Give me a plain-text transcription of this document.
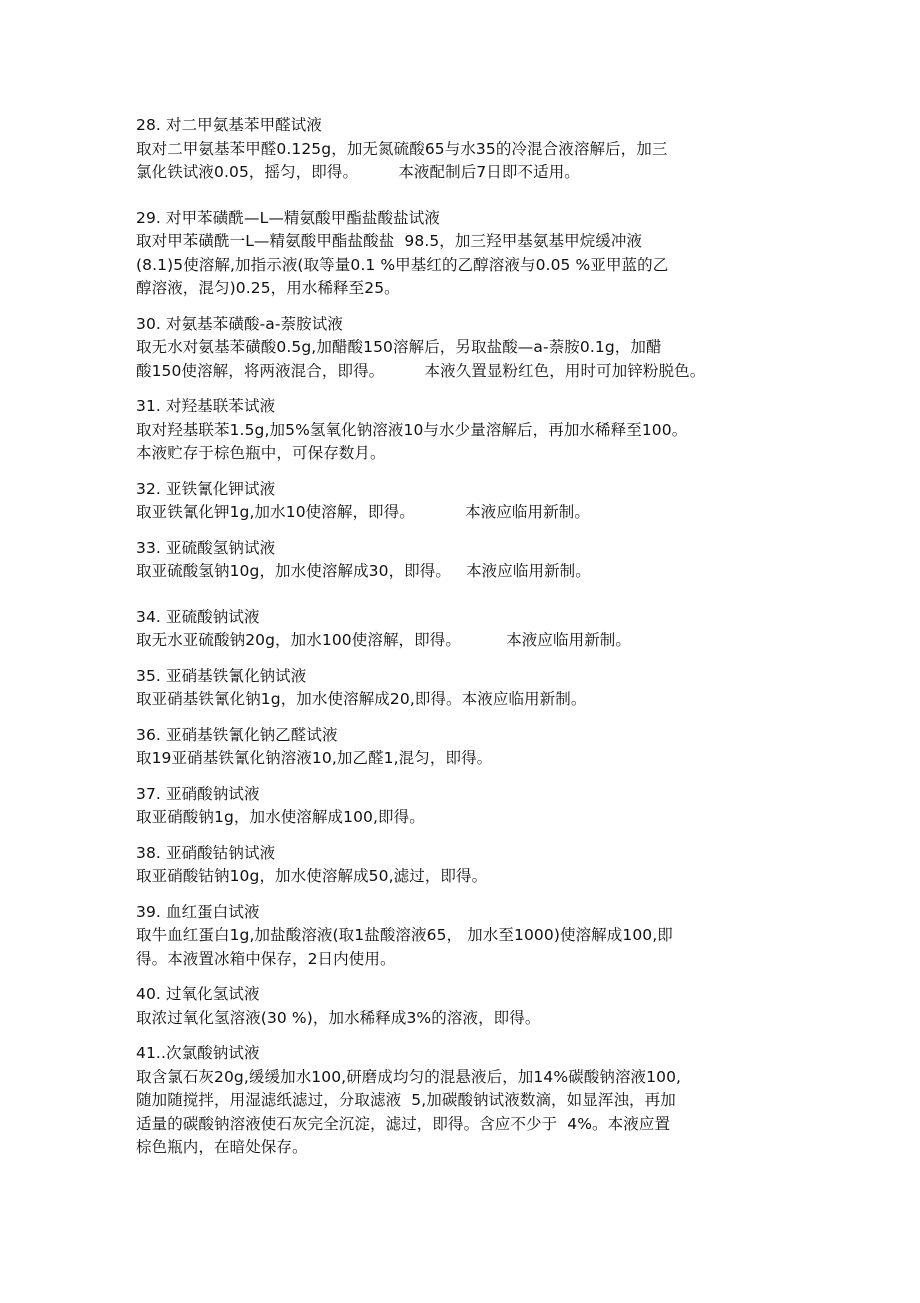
28. 对二甲氨基苯甲醛试液
取对二甲氨基苯甲醛0.125g，加无氮硫酸65与水35的冷混合液溶解后，加三
氯化铁试液0.05，摇匀，即得。        本液配制后7日即不适用。
29. 对甲苯磺酰—L—精氨酸甲酯盐酸盐试液
取对甲苯磺酰一L—精氨酸甲酯盐酸盐  98.5，加三羟甲基氨基甲烷缓冲液
(8.1)5使溶解,加指示液(取等量0.1 %甲基红的乙醇溶液与0.05 %亚甲蓝的乙
醇溶液，混匀)0.25，用水稀释至25。
30. 对氨基苯磺酸-a-萘胺试液
取无水对氨基苯磺酸0.5g,加醋酸150溶解后，另取盐酸—a-萘胺0.1g，加醋
酸150使溶解，将两液混合，即得。        本液久置显粉红色，用时可加锌粉脱色。
31. 对羟基联苯试液
取对羟基联苯1.5g,加5%氢氧化钠溶液10与水少量溶解后，再加水稀释至100。
本液贮存于棕色瓶中，可保存数月。
32. 亚铁氰化钾试液
取亚铁氰化钾1g,加水10使溶解，即得。          本液应临用新制。
33. 亚硫酸氢钠试液
取亚硫酸氢钠10g，加水使溶解成30，即得。   本液应临用新制。
34. 亚硫酸钠试液
取无水亚硫酸钠20g，加水100使溶解，即得。         本液应临用新制。
35. 亚硝基铁氰化钠试液
取亚硝基铁氰化钠1g，加水使溶解成20,即得。本液应临用新制。
36. 亚硝基铁氰化钠乙醛试液
取19亚硝基铁氰化钠溶液10,加乙醛1,混匀，即得。
37. 亚硝酸钠试液
取亚硝酸钠1g，加水使溶解成100,即得。
38. 亚硝酸钴钠试液
取亚硝酸钴钠10g，加水使溶解成50,滤过，即得。
39. 血红蛋白试液
取牛血红蛋白1g,加盐酸溶液(取1盐酸溶液65， 加水至1000)使溶解成100,即
得。本液置冰箱中保存，2日内使用。
40. 过氧化氢试液
取浓过氧化氢溶液(30 %)，加水稀释成3%的溶液，即得。
41..次氯酸钠试液
取含氯石灰20g,缓缓加水100,研磨成均匀的混悬液后，加14%碳酸钠溶液100,
随加随搅拌，用湿滤纸滤过，分取滤液  5,加碳酸钠试液数滴，如显浑浊，再加
适量的碳酸钠溶液使石灰完全沉淀，滤过，即得。含应不少于  4%。本液应置
棕色瓶内，在暗处保存。
